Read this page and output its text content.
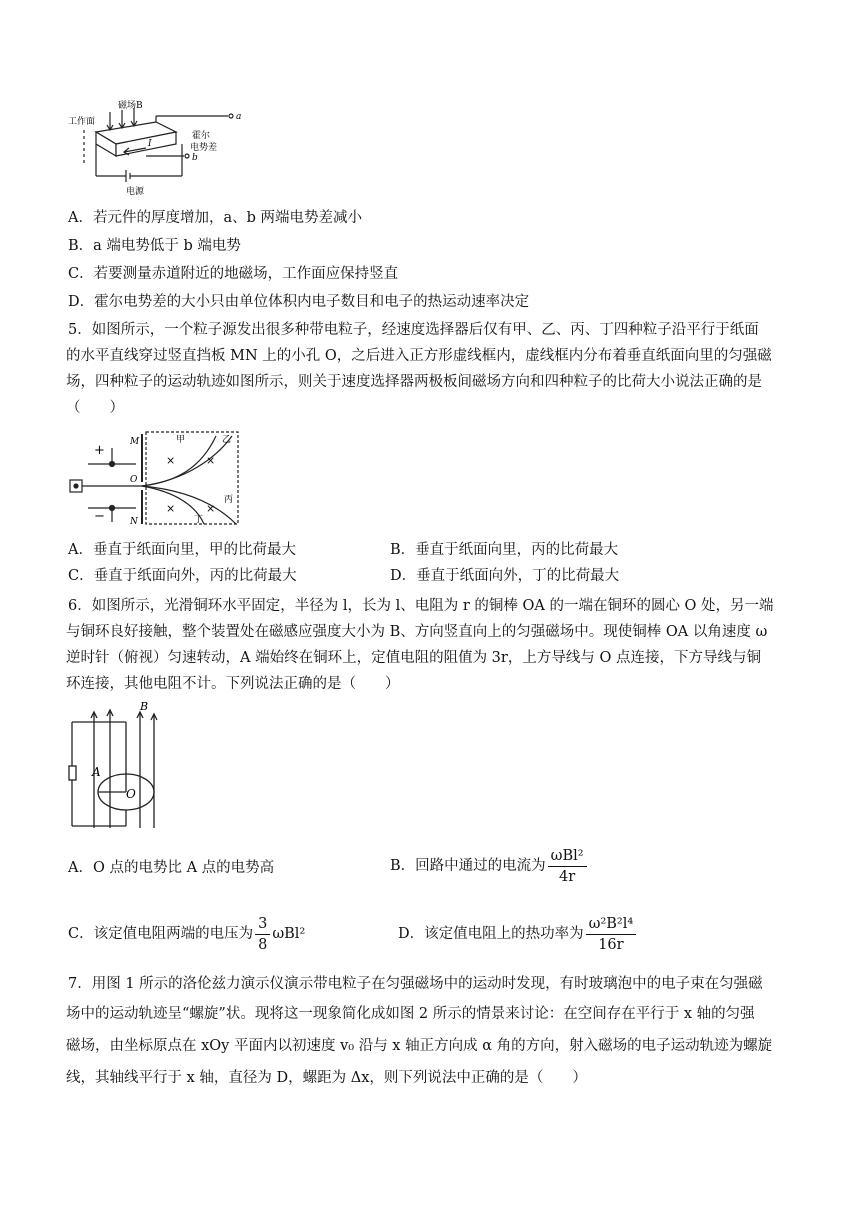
磁场B
工作面
I
霍尔
电势差
a
b
电源
A．若元件的厚度增加，a、b 两端电势差减小
B．a 端电势低于 b 端电势
C．若要测量赤道附近的地磁场，工作面应保持竖直
D．霍尔电势差的大小只由单位体积内电子数目和电子的热运动速率决定
5．如图所示，一个粒子源发出很多种带电粒子，经速度选择器后仅有甲、乙、丙、丁四种粒子沿平行于纸面
的水平直线穿过竖直挡板 MN 上的小孔 O，之后进入正方形虚线框内，虚线框内分布着垂直纸面向里的匀强磁
场，四种粒子的运动轨迹如图所示，则关于速度选择器两极板间磁场方向和四种粒子的比荷大小说法正确的是
（　　）
+
−
M
O
N
甲	乙
丙
丁
×	×
×	×
A．垂直于纸面向里，甲的比荷最大	B．垂直于纸面向里，丙的比荷最大
C．垂直于纸面向外，丙的比荷最大	D．垂直于纸面向外，丁的比荷最大
6．如图所示，光滑铜环水平固定，半径为 l，长为 l、电阻为 r 的铜棒 OA 的一端在铜环的圆心 O 处，另一端
与铜环良好接触，整个装置处在磁感应强度大小为 B、方向竖直向上的匀强磁场中。现使铜棒 OA 以角速度 ω
逆时针（俯视）匀速转动，A 端始终在铜环上，定值电阻的阻值为 3r，上方导线与 O 点连接，下方导线与铜
环连接，其他电阻不计。下列说法正确的是（　　）
B
A
O
A．O 点的电势比 A 点的电势高	B．回路中通过的电流为 $\frac{\text{ωBl²}}{4r}$
C．该定值电阻两端的电压为 $\frac{3}{8} \omega Bl^2$	D．该定值电阻上的热功率为 $\frac{\text{ω²B²l⁴}}{16r}$
7．用图 1 所示的洛伦兹力演示仪演示带电粒子在匀强磁场中的运动时发现，有时玻璃泡中的电子束在匀强磁
场中的运动轨迹呈“螺旋”状。现将这一现象简化成如图 2 所示的情景来讨论：在空间存在平行于 x 轴的匀强
磁场，由坐标原点在 xOy 平面内以初速度 v₀ 沿与 x 轴正方向成 α 角的方向，射入磁场的电子运动轨迹为螺旋
线，其轴线平行于 x 轴，直径为 D，螺距为 Δx，则下列说法中正确的是（　　）
